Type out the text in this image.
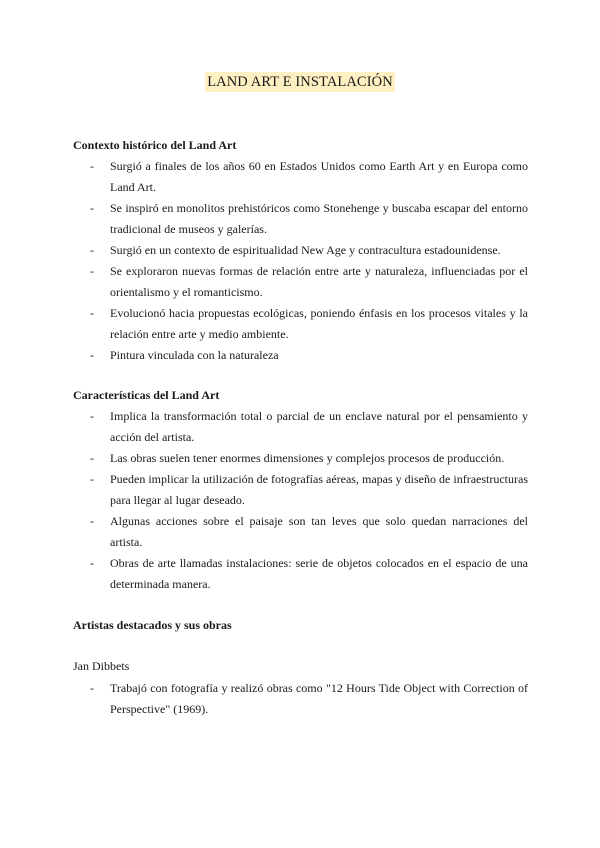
LAND ART E INSTALACIÓN
Contexto histórico del Land Art
- Surgió a finales de los años 60 en Estados Unidos como Earth Art y en Europa como Land Art.
- Se inspiró en monolitos prehistóricos como Stonehenge y buscaba escapar del entorno tradicional de museos y galerías.
- Surgió en un contexto de espiritualidad New Age y contracultura estadounidense.
- Se exploraron nuevas formas de relación entre arte y naturaleza, influenciadas por el orientalismo y el romanticismo.
- Evolucionó hacia propuestas ecológicas, poniendo énfasis en los procesos vitales y la relación entre arte y medio ambiente.
- Pintura vinculada con la naturaleza
Características del Land Art
- Implica la transformación total o parcial de un enclave natural por el pensamiento y acción del artista.
- Las obras suelen tener enormes dimensiones y complejos procesos de producción.
- Pueden implicar la utilización de fotografías aéreas, mapas y diseño de infraestructuras para llegar al lugar deseado.
- Algunas acciones sobre el paisaje son tan leves que solo quedan narraciones del artista.
- Obras de arte llamadas instalaciones: serie de objetos colocados en el espacio de una determinada manera.
Artistas destacados y sus obras
Jan Dibbets
- Trabajó con fotografía y realizó obras como "12 Hours Tide Object with Correction of Perspective" (1969).
